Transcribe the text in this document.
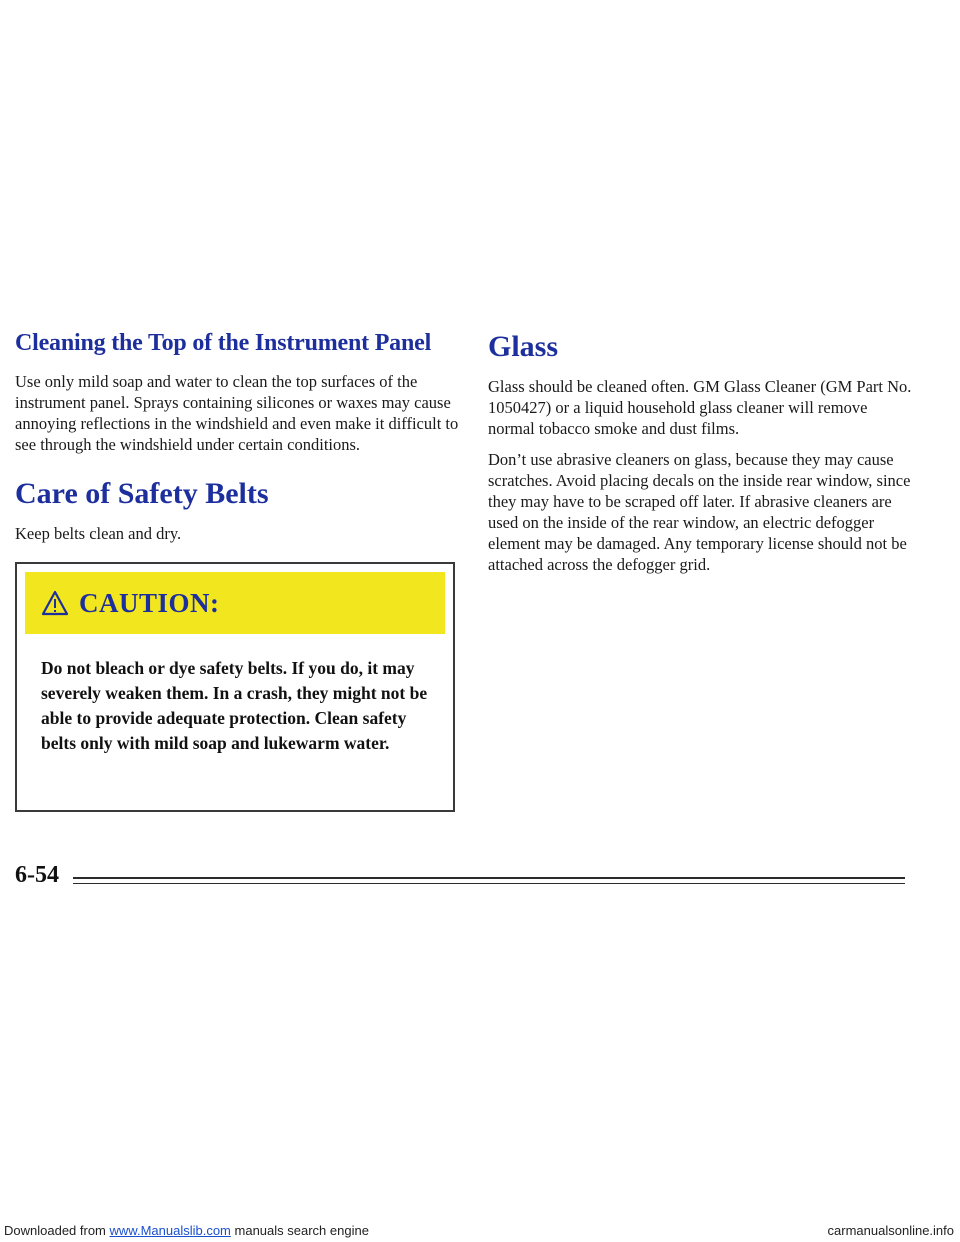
Cleaning the Top of the Instrument Panel

Use only mild soap and water to clean the top surfaces of the instrument panel. Sprays containing silicones or waxes may cause annoying reflections in the windshield and even make it difficult to see through the windshield under certain conditions.

Care of Safety Belts

Keep belts clean and dry.

CAUTION:
Do not bleach or dye safety belts. If you do, it may severely weaken them. In a crash, they might not be able to provide adequate protection. Clean safety belts only with mild soap and lukewarm water.
Glass

Glass should be cleaned often. GM Glass Cleaner (GM Part No. 1050427) or a liquid household glass cleaner will remove normal tobacco smoke and dust films.

Don’t use abrasive cleaners on glass, because they may cause scratches. Avoid placing decals on the inside rear window, since they may have to be scraped off later. If abrasive cleaners are used on the inside of the rear window, an electric defogger element may be damaged. Any temporary license should not be attached across the defogger grid.

6-54
Downloaded from www.Manualslib.com manuals search engine	carmanualsonline.info
